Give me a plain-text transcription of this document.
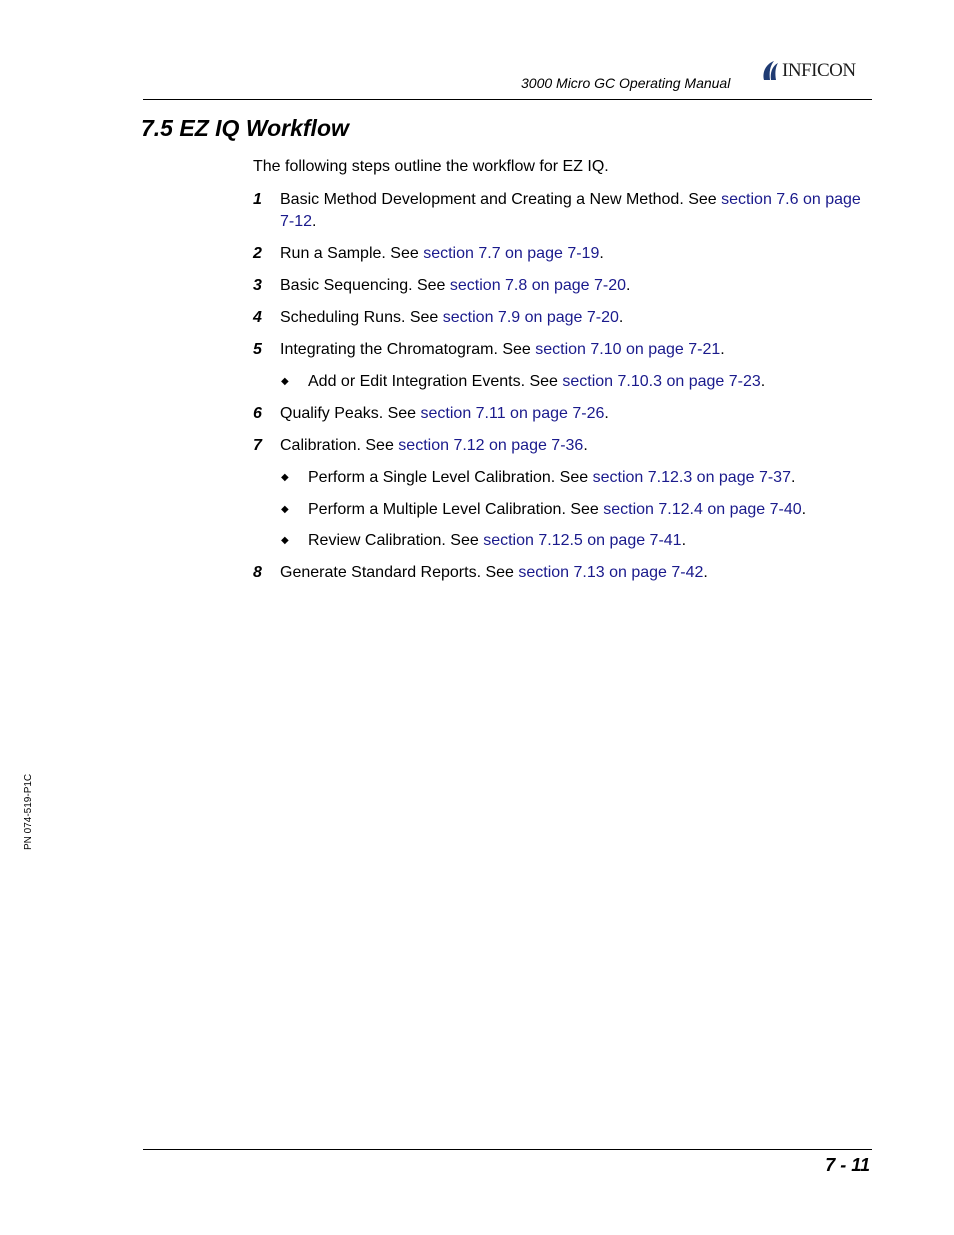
3000 Micro GC Operating Manual
INFICON
7.5 EZ IQ Workflow
The following steps outline the workflow for EZ IQ.
1 Basic Method Development and Creating a New Method. See section 7.6 on page 7-12.
2 Run a Sample. See section 7.7 on page 7-19.
3 Basic Sequencing. See section 7.8 on page 7-20.
4 Scheduling Runs. See section 7.9 on page 7-20.
5 Integrating the Chromatogram. See section 7.10 on page 7-21.
◆ Add or Edit Integration Events. See section 7.10.3 on page 7-23.
6 Qualify Peaks. See section 7.11 on page 7-26.
7 Calibration. See section 7.12 on page 7-36.
◆ Perform a Single Level Calibration. See section 7.12.3 on page 7-37.
◆ Perform a Multiple Level Calibration. See section 7.12.4 on page 7-40.
◆ Review Calibration. See section 7.12.5 on page 7-41.
8 Generate Standard Reports. See section 7.13 on page 7-42.
PN 074-519-P1C
7 - 11
